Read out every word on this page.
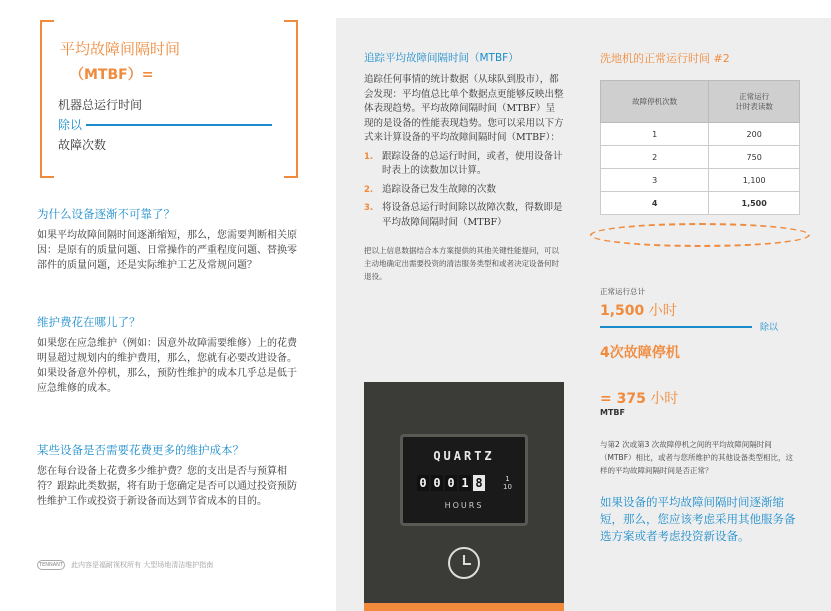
平均故障间隔时间
（MTBF）=
机器总运行时间
除以
故障次数
为什么设备逐渐不可靠了？

如果平均故障间隔时间逐渐缩短，那么，您需要判断相关原因：是原有的质量问题、日常操作的严重程度问题、替换零部件的质量问题，还是实际维护工艺及常规问题？

维护费花在哪儿了？

如果您在应急维护（例如：因意外故障需要维修）上的花费明显超过规划内的维护费用，那么，您就有必要改进设备。如果设备意外停机，那么，预防性维护的成本几乎总是低于应急维修的成本。

某些设备是否需要花费更多的维护成本？

您在每台设备上花费多少维护费？您的支出是否与预算相符？跟踪此类数据，将有助于您确定是否可以通过投资预防性维护工作或投资于新设备而达到节省成本的目的。

TENNANT 此内容是福耐视权所有 大型场地清洁维护指南
追踪平均故障间隔时间（MTBF）

追踪任何事情的统计数据（从球队到股市），都会发现：平均值总比单个数据点更能够反映出整体表现趋势。平均故障间隔时间（MTBF）呈现的是设备的性能表现趋势。您可以采用以下方式来计算设备的平均故障间隔时间（MTBF）：

1. 跟踪设备的总运行时间，或者，使用设备计时表上的读数加以计算。
2. 追踪设备已发生故障的次数
3. 将设备总运行时间除以故障次数，得数即是平均故障间隔时间（MTBF）

把以上信息数据结合本方案提供的其他关键性能提问，可以主动地确定出需要投资的清洁服务类型和或者决定设备何时退役。

QUARTZ
0 0 0 1 8	1
10
HOURS
洗地机的正常运行时间 #2
故障停机次数	正常运行
计时表读数
1	200
2	750
3	1,100
4	1,500
正常运行总计
1,500 小时
除以
4次故障停机
= 375 小时
MTBF

与第2 次或第3 次故障停机之间的平均故障间隔时间（MTBF）相比，或者与您所维护的其他设备类型相比，这样的平均故障间隔时间是否正常？

如果设备的平均故障间隔时间逐渐缩短，那么，您应该考虑采用其他服务备选方案或者考虑投资新设备。
